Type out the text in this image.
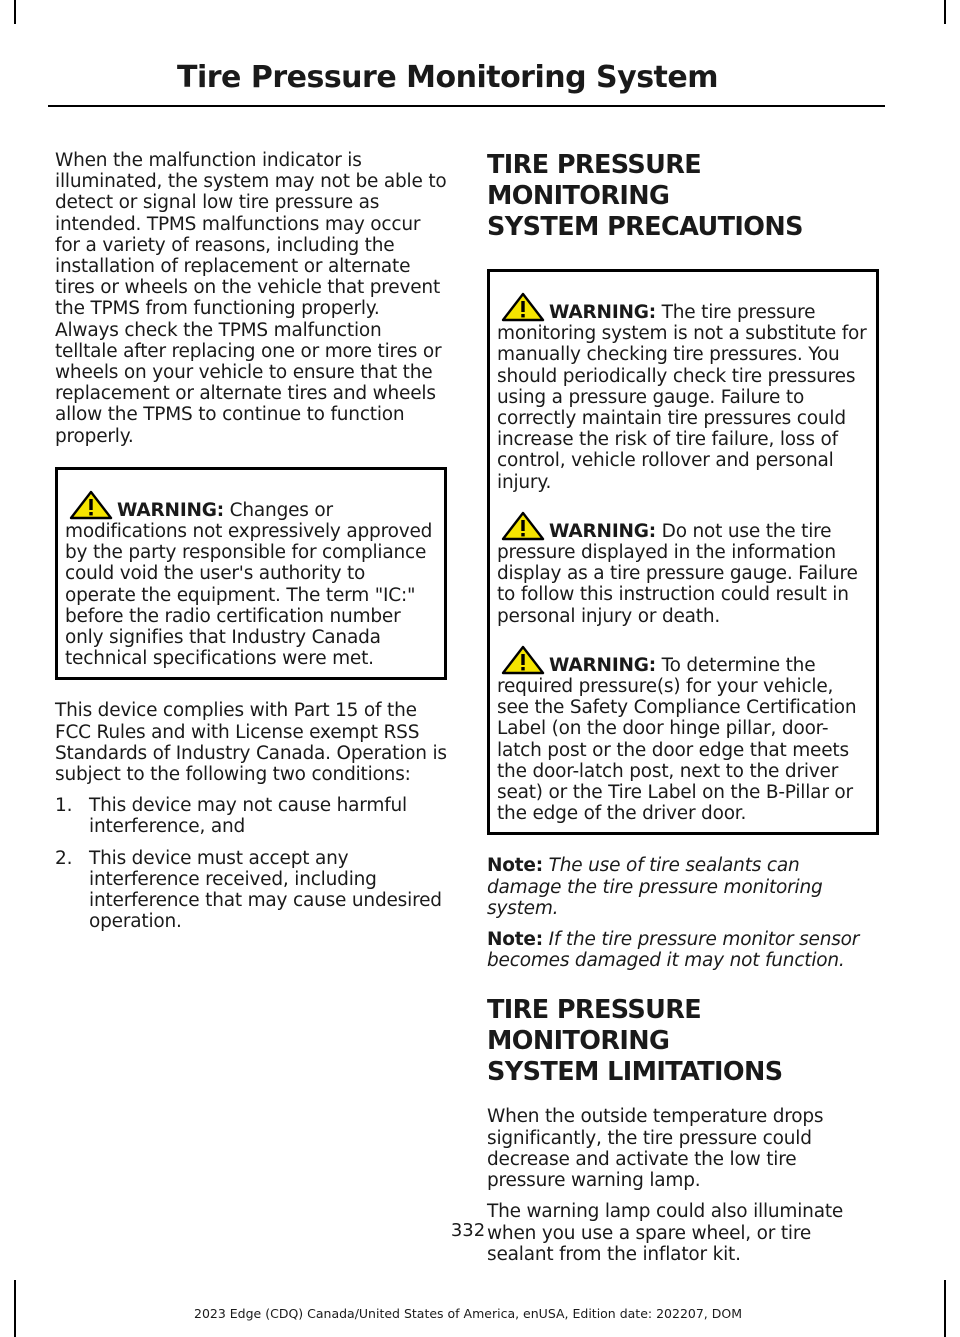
Tire Pressure Monitoring System

When the malfunction indicator is illuminated, the system may not be able to detect or signal low tire pressure as intended. TPMS malfunctions may occur for a variety of reasons, including the installation of replacement or alternate tires or wheels on the vehicle that prevent the TPMS from functioning properly. Always check the TPMS malfunction telltale after replacing one or more tires or wheels on your vehicle to ensure that the replacement or alternate tires and wheels allow the TPMS to continue to function properly.

WARNING: Changes or modifications not expressively approved by the party responsible for compliance could void the user's authority to operate the equipment. The term "IC:" before the radio certification number only signifies that Industry Canada technical specifications were met.

This device complies with Part 15 of the FCC Rules and with License exempt RSS Standards of Industry Canada. Operation is subject to the following two conditions:

1. This device may not cause harmful interference, and
2. This device must accept any interference received, including interference that may cause undesired operation.
TIRE PRESSURE MONITORING
SYSTEM PRECAUTIONS

WARNING: The tire pressure monitoring system is not a substitute for manually checking tire pressures. You should periodically check tire pressures using a pressure gauge. Failure to correctly maintain tire pressures could increase the risk of tire failure, loss of control, vehicle rollover and personal injury.

WARNING: Do not use the tire pressure displayed in the information display as a tire pressure gauge. Failure to follow this instruction could result in personal injury or death.

WARNING: To determine the required pressure(s) for your vehicle, see the Safety Compliance Certification Label (on the door hinge pillar, door-latch post or the door edge that meets the door-latch post, next to the driver seat) or the Tire Label on the B-Pillar or the edge of the driver door.

Note: The use of tire sealants can damage the tire pressure monitoring system.

Note: If the tire pressure monitor sensor becomes damaged it may not function.

TIRE PRESSURE MONITORING
SYSTEM LIMITATIONS

When the outside temperature drops significantly, the tire pressure could decrease and activate the low tire pressure warning lamp.

The warning lamp could also illuminate when you use a spare wheel, or tire sealant from the inflator kit.

332
2023 Edge (CDQ) Canada/United States of America, enUSA, Edition date: 202207, DOM
